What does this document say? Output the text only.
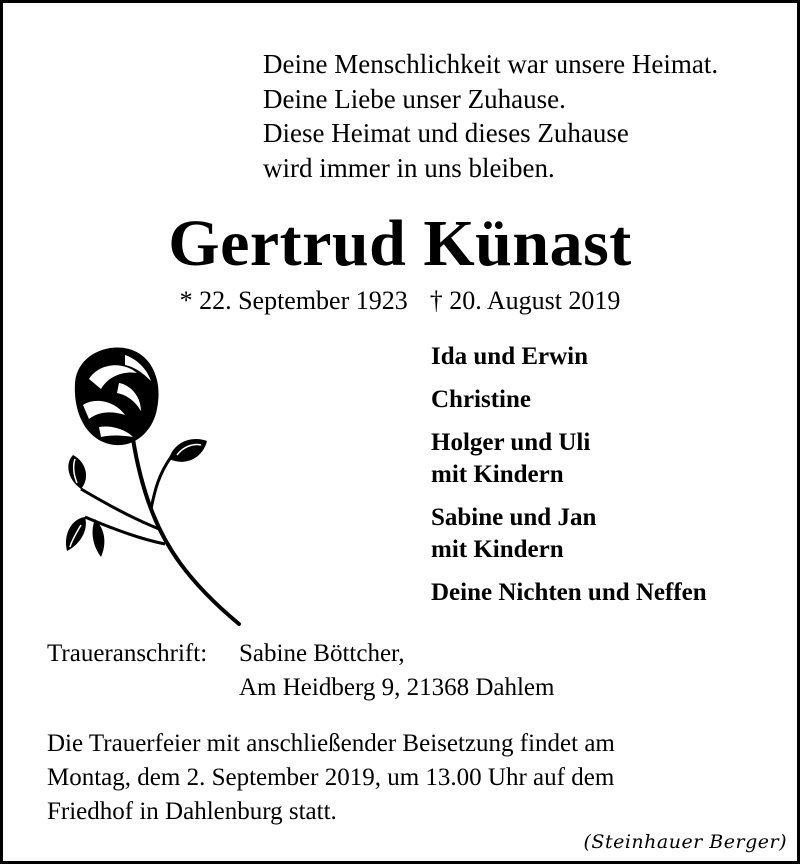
Deine Menschlichkeit war unsere Heimat.
Deine Liebe unser Zuhause.
Diese Heimat und dieses Zuhause
wird immer in uns bleiben.
Gertrud Künast
* 22. September 1923 † 20. August 2019
Ida und Erwin
Christine
Holger und Uli
mit Kindern
Sabine und Jan
mit Kindern
Deine Nichten und Neffen
Traueranschrift: Sabine Böttcher,
Am Heidberg 9, 21368 Dahlem
Die Trauerfeier mit anschließender Beisetzung findet am
Montag, dem 2. September 2019, um 13.00 Uhr auf dem
Friedhof in Dahlenburg statt.
(Steinhauer Berger)
